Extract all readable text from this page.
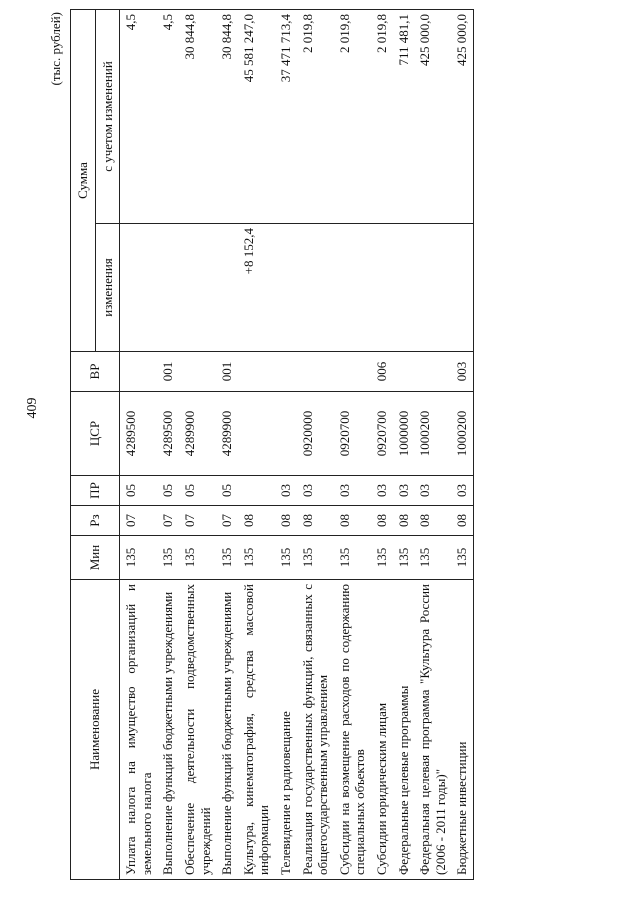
409
(тыс. рублей)
Наименование	Мин	Рз	ПР	ЦСР	ВР	Сумма	
						изменения	с учетом изменений
Уплата налога на имущество организаций и земельного налога	135	07	05	4289500			4,5
Выполнение функций бюджетными учреждениями	135	07	05	4289500	001		4,5
Обеспечение деятельности подведомственных учреждений	135	07	05	4289900			30 844,8
Выполнение функций бюджетными учреждениями	135	07	05	4289900	001		30 844,8
Культура, кинематография, средства массовой информации	135	08				+8 152,4	45 581 247,0
Телевидение и радиовещание	135	08	03				37 471 713,4
Реализация государственных функций, связанных с общегосударственным управлением	135	08	03	0920000			2 019,8
Субсидии на возмещение расходов по содержанию специальных объектов	135	08	03	0920700			2 019,8
Субсидии юридическим лицам	135	08	03	0920700	006		2 019,8
Федеральные целевые программы	135	08	03	1000000			711 481,1
Федеральная целевая программа "Культура России (2006 - 2011 годы)"	135	08	03	1000200			425 000,0
Бюджетные инвестиции	135	08	03	1000200	003		425 000,0
